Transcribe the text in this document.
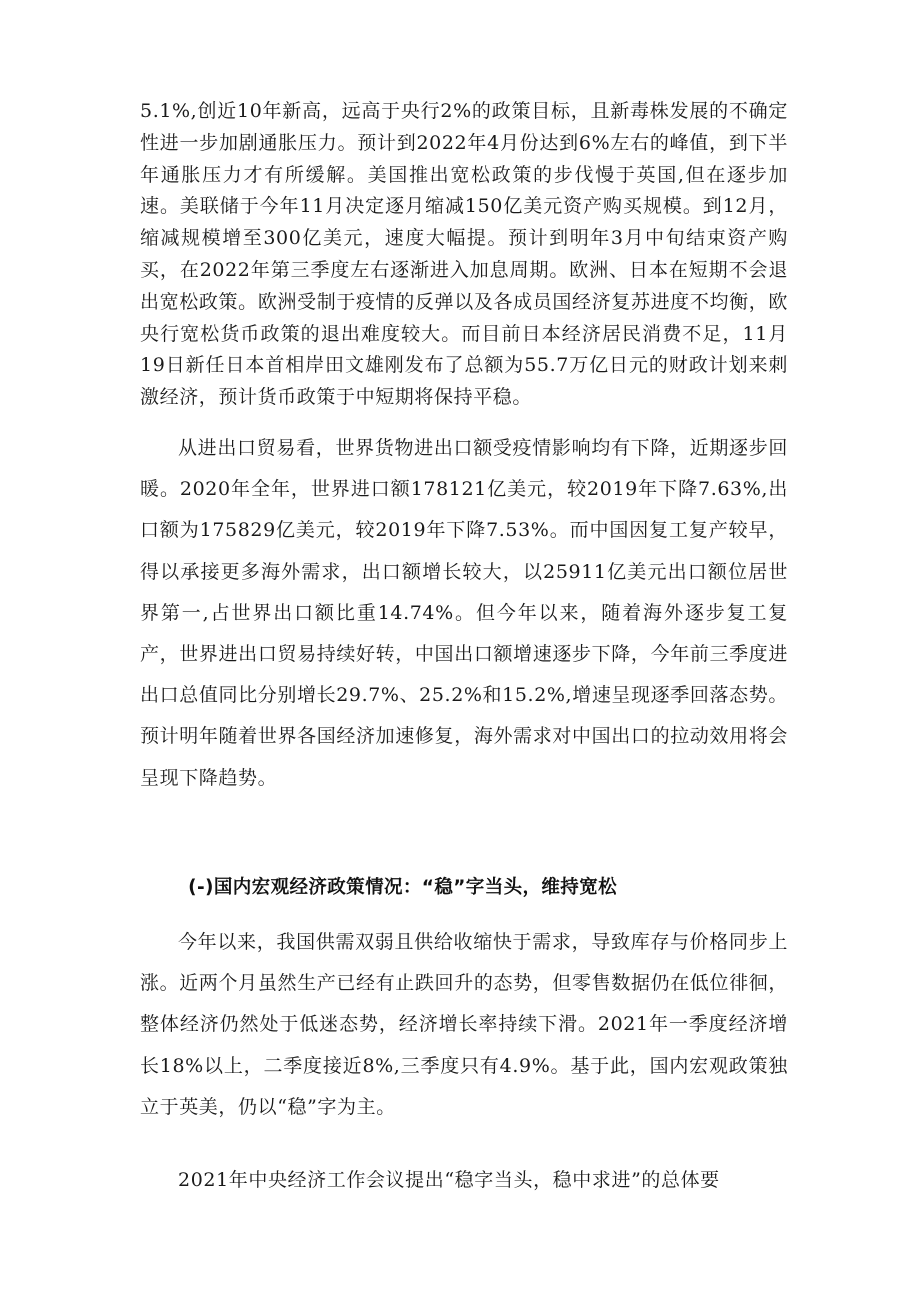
5.1%,创近10年新高，远高于央行2%的政策目标，且新毒株发展的不确定性进一步加剧通胀压力。预计到2022年4月份达到6%左右的峰值，到下半年通胀压力才有所缓解。美国推出宽松政策的步伐慢于英国,但在逐步加速。美联储于今年11月决定逐月缩减150亿美元资产购买规模。到12月，缩减规模增至300亿美元，速度大幅提。预计到明年3月中旬结束资产购买，在2022年第三季度左右逐渐进入加息周期。欧洲、日本在短期不会退出宽松政策。欧洲受制于疫情的反弹以及各成员国经济复苏进度不均衡，欧央行宽松货币政策的退出难度较大。而目前日本经济居民消费不足，11月19日新任日本首相岸田文雄刚发布了总额为55.7万亿日元的财政计划来刺激经济，预计货币政策于中短期将保持平稳。

从进出口贸易看，世界货物进出口额受疫情影响均有下降，近期逐步回暖。2020年全年，世界进口额178121亿美元，较2019年下降7.63%,出口额为175829亿美元，较2019年下降7.53%。而中国因复工复产较早，得以承接更多海外需求，出口额增长较大，以25911亿美元出口额位居世界第一,占世界出口额比重14.74%。但今年以来，随着海外逐步复工复产，世界进出口贸易持续好转，中国出口额增速逐步下降，今年前三季度进出口总值同比分别增长29.7%、25.2%和15.2%,增速呈现逐季回落态势。预计明年随着世界各国经济加速修复，海外需求对中国出口的拉动效用将会呈现下降趋势。

(-)国内宏观经济政策情况：“稳”字当头，维持宽松

今年以来，我国供需双弱且供给收缩快于需求，导致库存与价格同步上涨。近两个月虽然生产已经有止跌回升的态势，但零售数据仍在低位徘徊，整体经济仍然处于低迷态势，经济增长率持续下滑。2021年一季度经济增长18%以上，二季度接近8%,三季度只有4.9%。基于此，国内宏观政策独立于英美，仍以“稳”字为主。

2021年中央经济工作会议提出“稳字当头，稳中求进”的总体要
